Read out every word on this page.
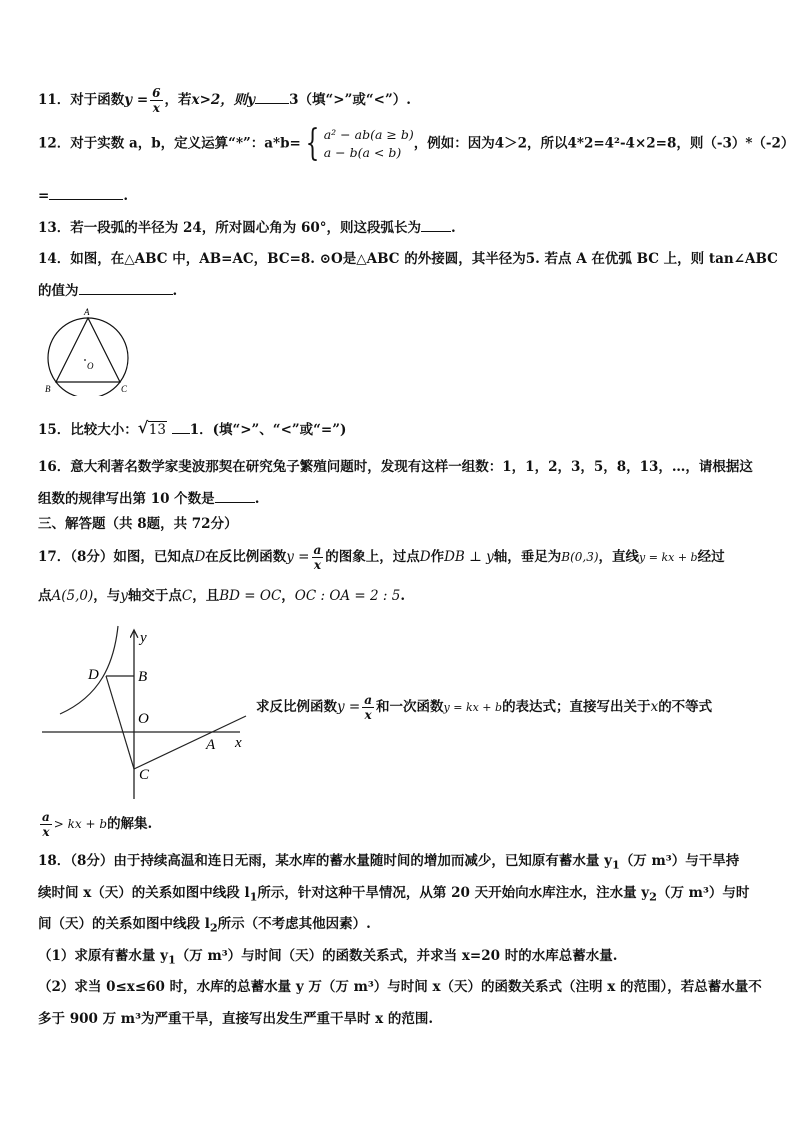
11．对于函数$y = \frac{6}{x}$ ，若x>2，则y	3（填“>”或“<”）.
12．对于实数 a，b，定义运算“*”：a*b= { a² − ab(a ≥ b)
a − b(a < b)
，例如：因为4＞2，所以4*2=4²-4×2=8，则（-3）*（-2）
=	.
13．若一段弧的半径为 24，所对圆心角为 60°，则这段弧长为 .
14．如图，在△ABC 中，AB=AC，BC=8. ⊙O是△ABC 的外接圆，其半径为5. 若点 A 在优弧 BC 上，则 tan∠ABC
的值为	.
A
O
B	C
15．比较大小： √ 13 1．(填“>”、“<”或“=”)
16．意大利著名数学家斐波那契在研究兔子繁殖问题时，发现有这样一组数：1，1，2，3，5，8，13，…，请根据这
组数的规律写出第 10 个数是	.
三、解答题（共 8题，共 72分）
17．（8分）如图，已知点D在反比例函数$y = \frac{a}{x}$ 的图象上，过点D作DB ⊥ y轴，垂足为B(0,3)，直线y = kx + b经过
点A(5,0)，与y轴交于点C，且BD = OC，OC : OA = 2 : 5.
y
D	B
O
A x
C
求反比例函数$y = \frac{a}{x}$ 和一次函数y = kx + b的表达式；直接写出关于x的不等式
$\frac{a}{x}$ > kx + b的解集.
18．（8分）由于持续高温和连日无雨，某水库的蓄水量随时间的增加而减少，已知原有蓄水量 $y_1$（万 m³）与干旱持
续时间 x（天）的关系如图中线段 $l_1$所示，针对这种干旱情况，从第 20 天开始向水库注水，注水量 $y_2$（万 m³）与时
间（天）的关系如图中线段 $l_2$所示（不考虑其他因素）.
（1）求原有蓄水量 $y_1$（万 m³）与时间（天）的函数关系式，并求当 x=20 时的水库总蓄水量.
（2）求当 0≤x≤60 时，水库的总蓄水量 y 万（万 m³）与时间 x（天）的函数关系式（注明 x 的范围），若总蓄水量不
多于 900 万 m³为严重干旱，直接写出发生严重干旱时 x 的范围.
